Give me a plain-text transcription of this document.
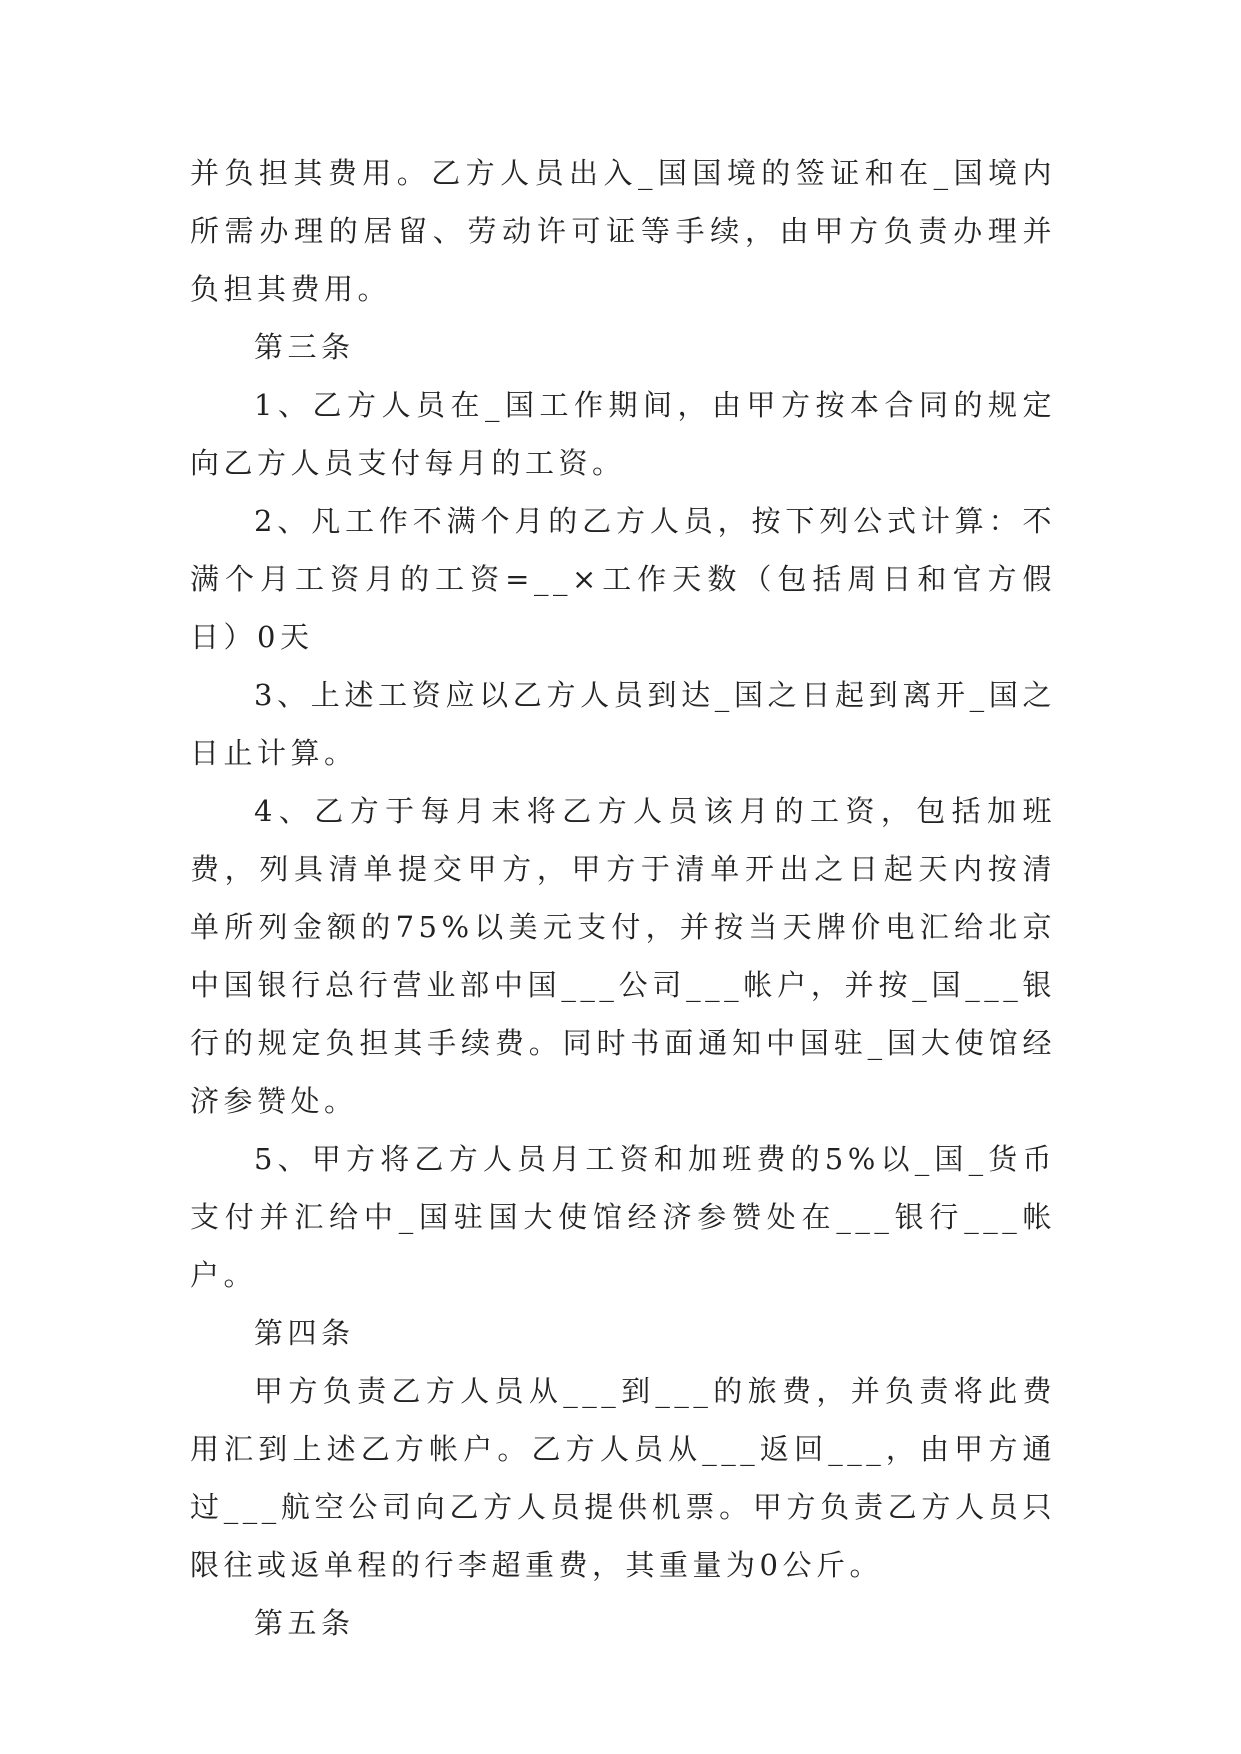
并负担其费用。乙方人员出入_国国境的签证和在_国境内所需办理的居留、劳动许可证等手续，由甲方负责办理并负担其费用。

第三条

1、乙方人员在_国工作期间，由甲方按本合同的规定向乙方人员支付每月的工资。

2、凡工作不满个月的乙方人员，按下列公式计算：不满个月工资月的工资=__×工作天数（包括周日和官方假日）0天

3、上述工资应以乙方人员到达_国之日起到离开_国之日止计算。

4、乙方于每月末将乙方人员该月的工资，包括加班费，列具清单提交甲方，甲方于清单开出之日起天内按清单所列金额的75%以美元支付，并按当天牌价电汇给北京中国银行总行营业部中国___公司___帐户，并按_国___银行的规定负担其手续费。同时书面通知中国驻_国大使馆经济参赞处。

5、甲方将乙方人员月工资和加班费的5%以_国_货币支付并汇给中_国驻国大使馆经济参赞处在___银行___帐户。

第四条

甲方负责乙方人员从___到___的旅费，并负责将此费用汇到上述乙方帐户。乙方人员从___返回___，由甲方通过___航空公司向乙方人员提供机票。甲方负责乙方人员只限往或返单程的行李超重费，其重量为0公斤。

第五条
